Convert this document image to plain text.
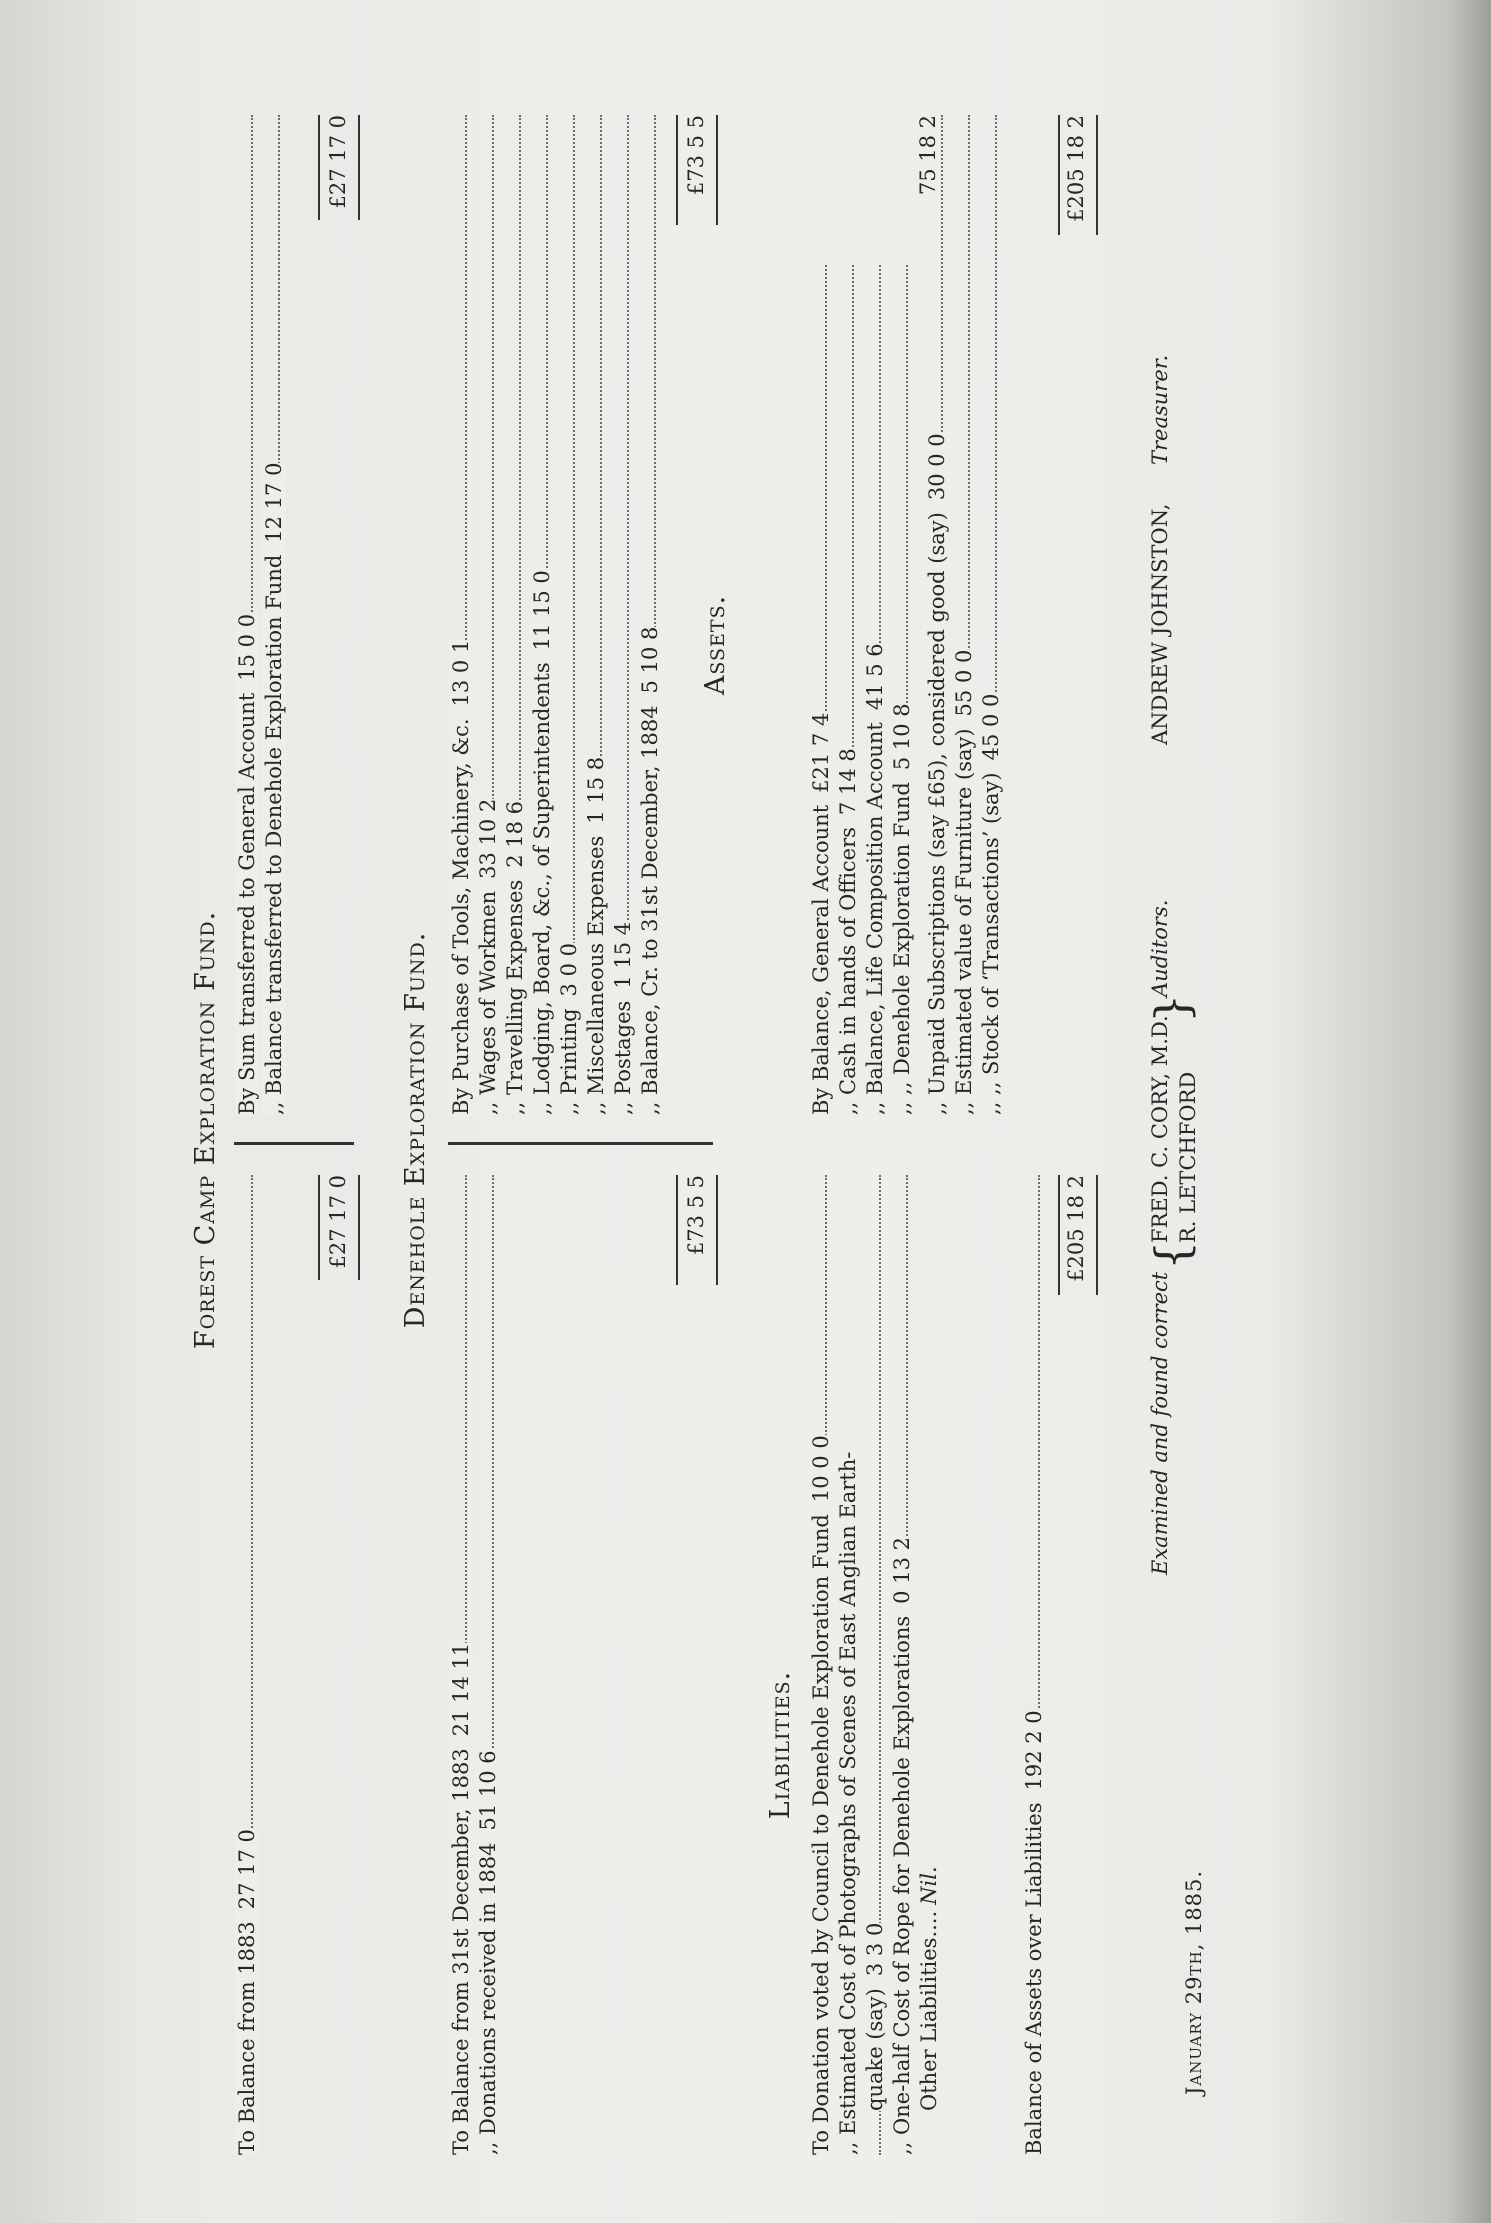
Forest Camp Exploration Fund.
To Balance from 188327 17 0
£27 17 0
By Sum transferred to General Account15 0 0 ,, Balance transferred to Denehole Exploration Fund12 17 0
£27 17 0
Denehole Exploration Fund.
To Balance from 31st December, 188321 14 11
,, Donations received in 188451 10 6
£73 5 5
By Purchase of Tools, Machinery, &c.13 0 1
,, Wages of Workmen33 10 2
,, Travelling Expenses2 18 6 ,, Lodging, Board, &c., of Superintendents11 15 0
,, Printing3 0 0 ,, Miscellaneous Expenses1 15 8
,, Postages1 15 4 ,, Balance, Cr. to 31st December, 18845 10 8
£73 5 5
Liabilities.
Assets.
To Donation voted by Council to Denehole Exploration Fund10 0 0 ,, Estimated Cost of Photographs of Scenes of East Anglian Earth- quake (say)3 3 0 ,, One-half Cost of Rope for Denehole Explorations0 13 2
Other Liabilities....Nil.	Balance of Assets over Liabilities192 2 0
£205 18 2
By Balance, General Account£21 7 4
,, Cash in hands of Officers7 14 8 ,, Balance, Life Composition Account41 5 6
,, ,, Denehole Exploration Fund5 10 8
75 18 2
,, Unpaid Subscriptions (say £65), considered good (say)30 0 0
,, Estimated value of Furniture (say)55 0 0
,, ,, Stock of ‘Transactions’ (say)45 0 0
£205 18 2
January 29th, 1885.
Examined and found correct
{
FRED. C. CORY, M.D. R. LETCHFORD
}
Auditors.
ANDREW JOHNSTON,
Treasurer.
